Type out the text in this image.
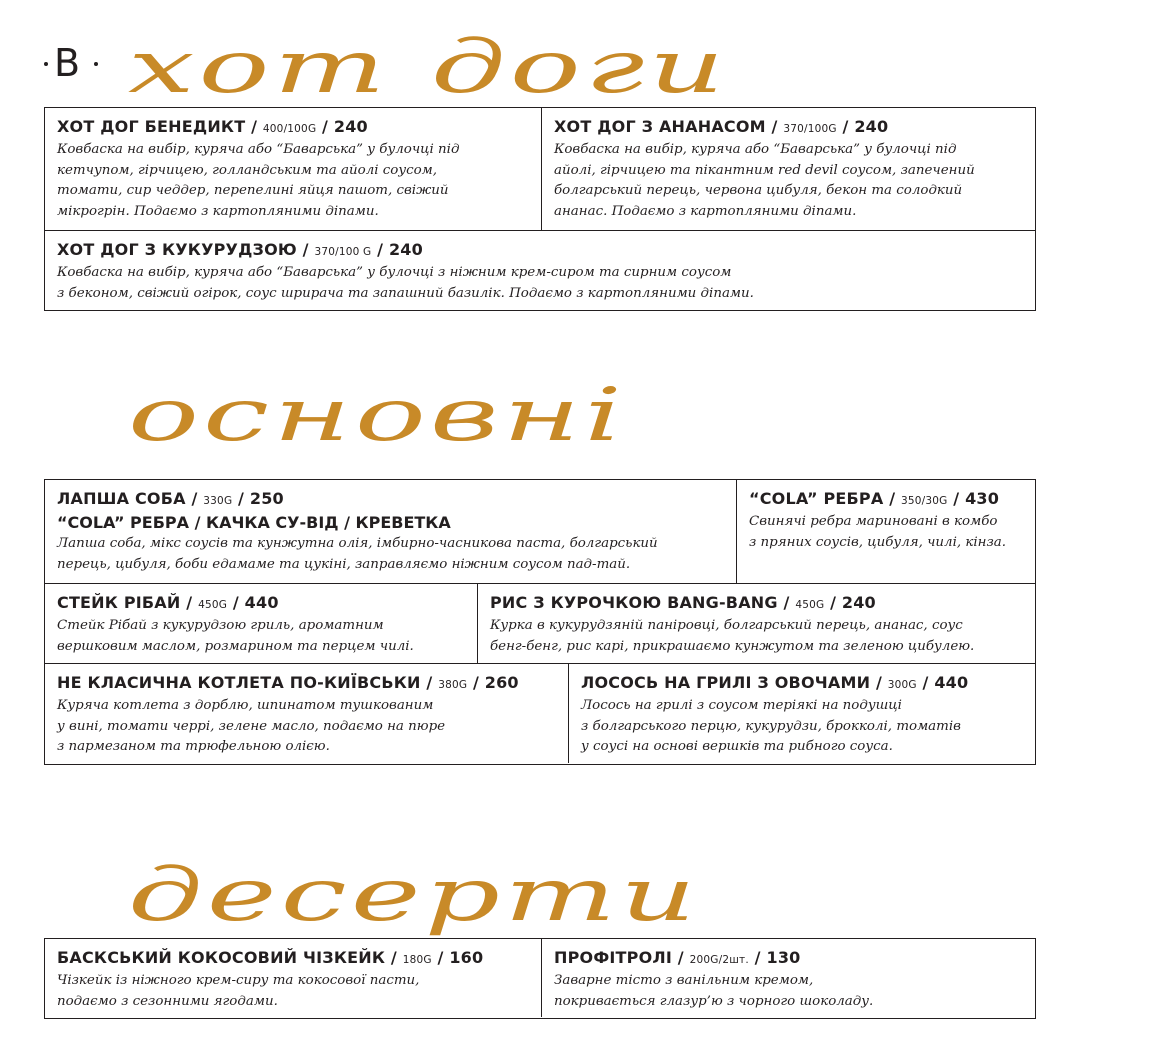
B хот доги
ХОТ ДОГ БЕНЕДИКТ / 400/100G / 240
Ковбаска на вибір, куряча або “Баварська” у булочці під
кетчупом, гірчицею, голландським та айолі соусом,
томати, сир чеддер, перепелині яйця пашот, свіжий
мікрогрін. Подаємо з картопляними діпами.
ХОТ ДОГ З АНАНАСОМ / 370/100G / 240
Ковбаска на вибір, куряча або “Баварська” у булочці під
айолі, гірчицею та пікантним red devil соусом, запечений
болгарський перець, червона цибуля, бекон та солодкий
ананас. Подаємо з картопляними діпами.
ХОТ ДОГ З КУКУРУДЗОЮ / 370/100 G / 240
Ковбаска на вибір, куряча або “Баварська” у булочці з ніжним крем-сиром та сирним соусом
з беконом, свіжий огірок, соус шрирача та запашний базилік. Подаємо з картопляними діпами.
основні
ЛАПША СОБА / 330G / 250
“COLA” РЕБРА / КАЧКА СУ-ВІД / КРЕВЕТКА
Лапша соба, мікс соусів та кунжутна олія, імбирно-часникова паста, болгарський
перець, цибуля, боби едамаме та цукіні, заправляємо ніжним соусом пад-тай.
“COLA” РЕБРА / 350/30G / 430
Свинячі ребра мариновані в комбо
з пряних соусів, цибуля, чилі, кінза.
СТЕЙК РІБАЙ / 450G / 440
Стейк Рібай з кукурудзою гриль, ароматним
вершковим маслом, розмарином та перцем чилі.
РИС З КУРОЧКОЮ BANG-BANG / 450G / 240
Курка в кукурудзяній паніровці, болгарський перець, ананас, соус
бенг-бенг, рис карі, прикрашаємо кунжутом та зеленою цибулею.
НЕ КЛАСИЧНА КОТЛЕТА ПО-КИЇВСЬКИ / 380G / 260
Куряча котлета з дорблю, шпинатом тушкованим
у вині, томати черрі, зелене масло, подаємо на пюре
з пармезаном та трюфельною олією.
ЛОСОСЬ НА ГРИЛІ З ОВОЧАМИ / 300G / 440
Лосось на грилі з соусом теріякі на подушці
з болгарського перцю, кукурудзи, брокколі, томатів
у соусі на основі вершків та рибного соуса.
десерти
БАСКСЬКИЙ КОКОСОВИЙ ЧІЗКЕЙК / 180G / 160
Чізкейк із ніжного крем-сиру та кокосової пасти,
подаємо з сезонними ягодами.
ПРОФІТРОЛІ / 200G/2шт. / 130
Заварне тісто з ванільним кремом,
покривається глазур’ю з чорного шоколаду.
